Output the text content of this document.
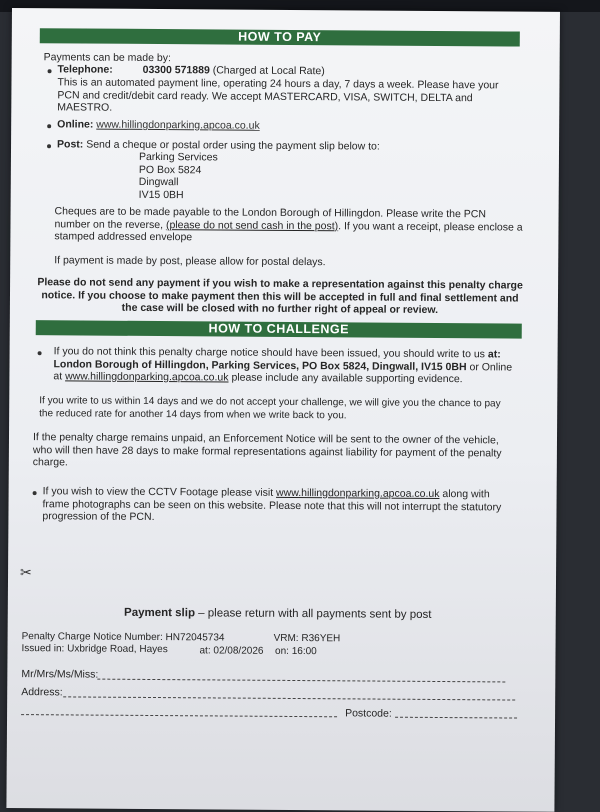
HOW TO PAY
Payments can be made by:
Telephone:	03300 571889 (Charged at Local Rate)
This is an automated payment line, operating 24 hours a day, 7 days a week. Please have your
PCN and credit/debit card ready. We accept MASTERCARD, VISA, SWITCH, DELTA and
MAESTRO.
Online: www.hillingdonparking.apcoa.co.uk
Post: Send a cheque or postal order using the payment slip below to:
Parking Services
PO Box 5824
Dingwall
IV15 0BH
Cheques are to be made payable to the London Borough of Hillingdon. Please write the PCN
number on the reverse, (please do not send cash in the post). If you want a receipt, please enclose a
stamped addressed envelope
If payment is made by post, please allow for postal delays.
Please do not send any payment if you wish to make a representation against this penalty charge
notice. If you choose to make payment then this will be accepted in full and final settlement and
the case will be closed with no further right of appeal or review.
HOW TO CHALLENGE
If you do not think this penalty charge notice should have been issued, you should write to us at:
London Borough of Hillingdon, Parking Services, PO Box 5824, Dingwall, IV15 0BH or Online
at www.hillingdonparking.apcoa.co.uk please include any available supporting evidence.
If you write to us within 14 days and we do not accept your challenge, we will give you the chance to pay
the reduced rate for another 14 days from when we write back to you.
If the penalty charge remains unpaid, an Enforcement Notice will be sent to the owner of the vehicle,
who will then have 28 days to make formal representations against liability for payment of the penalty
charge.
If you wish to view the CCTV Footage please visit www.hillingdonparking.apcoa.co.uk along with
frame photographs can be seen on this website. Please note that this will not interrupt the statutory
progression of the PCN.
✂
Payment slip – please return with all payments sent by post
Penalty Charge Notice Number: HN72045734	VRM: R36YEH
Issued in: Uxbridge Road, Hayes	at: 02/08/2026 on: 16:00
Mr/Mrs/Ms/Miss:
Address:
Postcode:
